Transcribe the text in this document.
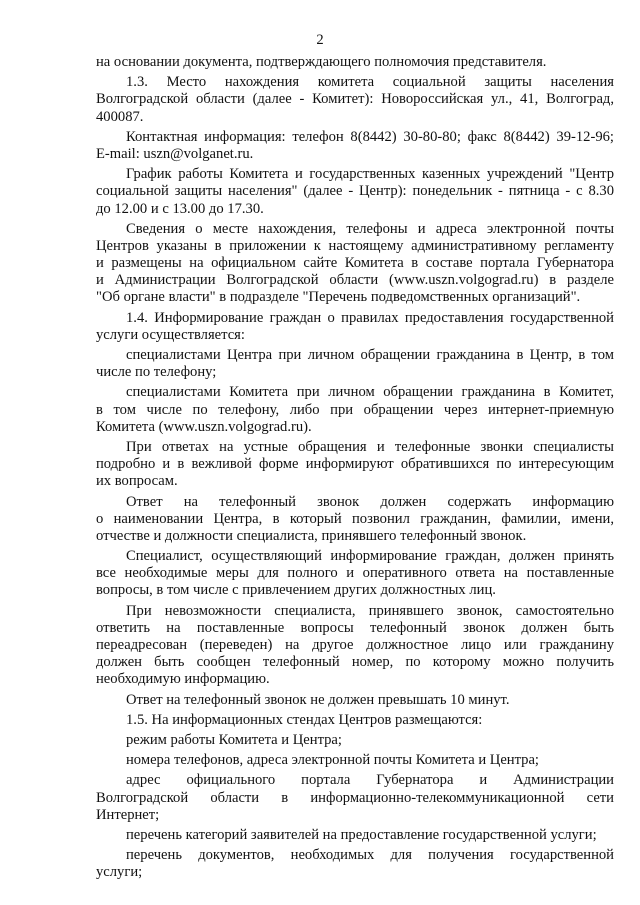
2
на основании документа, подтверждающего полномочия представителя.
1.3. Место нахождения комитета социальной защиты населения
Волгоградской области (далее - Комитет): Новороссийская ул., 41, Волгоград,
400087.
Контактная информация: телефон 8(8442) 30-80-80; факс 8(8442) 39-12-96;
E-mail: uszn@volganet.ru.
График работы Комитета и государственных казенных учреждений "Центр
социальной защиты населения" (далее - Центр): понедельник - пятница - с 8.30
до 12.00 и с 13.00 до 17.30.
Сведения о месте нахождения, телефоны и адреса электронной почты
Центров указаны в приложении к настоящему административному регламенту
и размещены на официальном сайте Комитета в составе портала Губернатора
и Администрации Волгоградской области (www.uszn.volgograd.ru) в разделе
"Об органе власти" в подразделе "Перечень подведомственных организаций".
1.4. Информирование граждан о правилах предоставления государственной
услуги осуществляется:
специалистами Центра при личном обращении гражданина в Центр, в том
числе по телефону;
специалистами Комитета при личном обращении гражданина в Комитет,
в том числе по телефону, либо при обращении через интернет-приемную
Комитета (www.uszn.volgograd.ru).
При ответах на устные обращения и телефонные звонки специалисты
подробно и в вежливой форме информируют обратившихся по интересующим
их вопросам.
Ответ на телефонный звонок должен содержать информацию
о наименовании Центра, в который позвонил гражданин, фамилии, имени,
отчестве и должности специалиста, принявшего телефонный звонок.
Специалист, осуществляющий информирование граждан, должен принять
все необходимые меры для полного и оперативного ответа на поставленные
вопросы, в том числе с привлечением других должностных лиц.
При невозможности специалиста, принявшего звонок, самостоятельно
ответить на поставленные вопросы телефонный звонок должен быть
переадресован (переведен) на другое должностное лицо или гражданину
должен быть сообщен телефонный номер, по которому можно получить
необходимую информацию.
Ответ на телефонный звонок не должен превышать 10 минут.
1.5. На информационных стендах Центров размещаются:
режим работы Комитета и Центра;
номера телефонов, адреса электронной почты Комитета и Центра;
адрес официального портала Губернатора и Администрации
Волгоградской области в информационно-телекоммуникационной сети
Интернет;
перечень категорий заявителей на предоставление государственной услуги;
перечень документов, необходимых для получения государственной
услуги;
